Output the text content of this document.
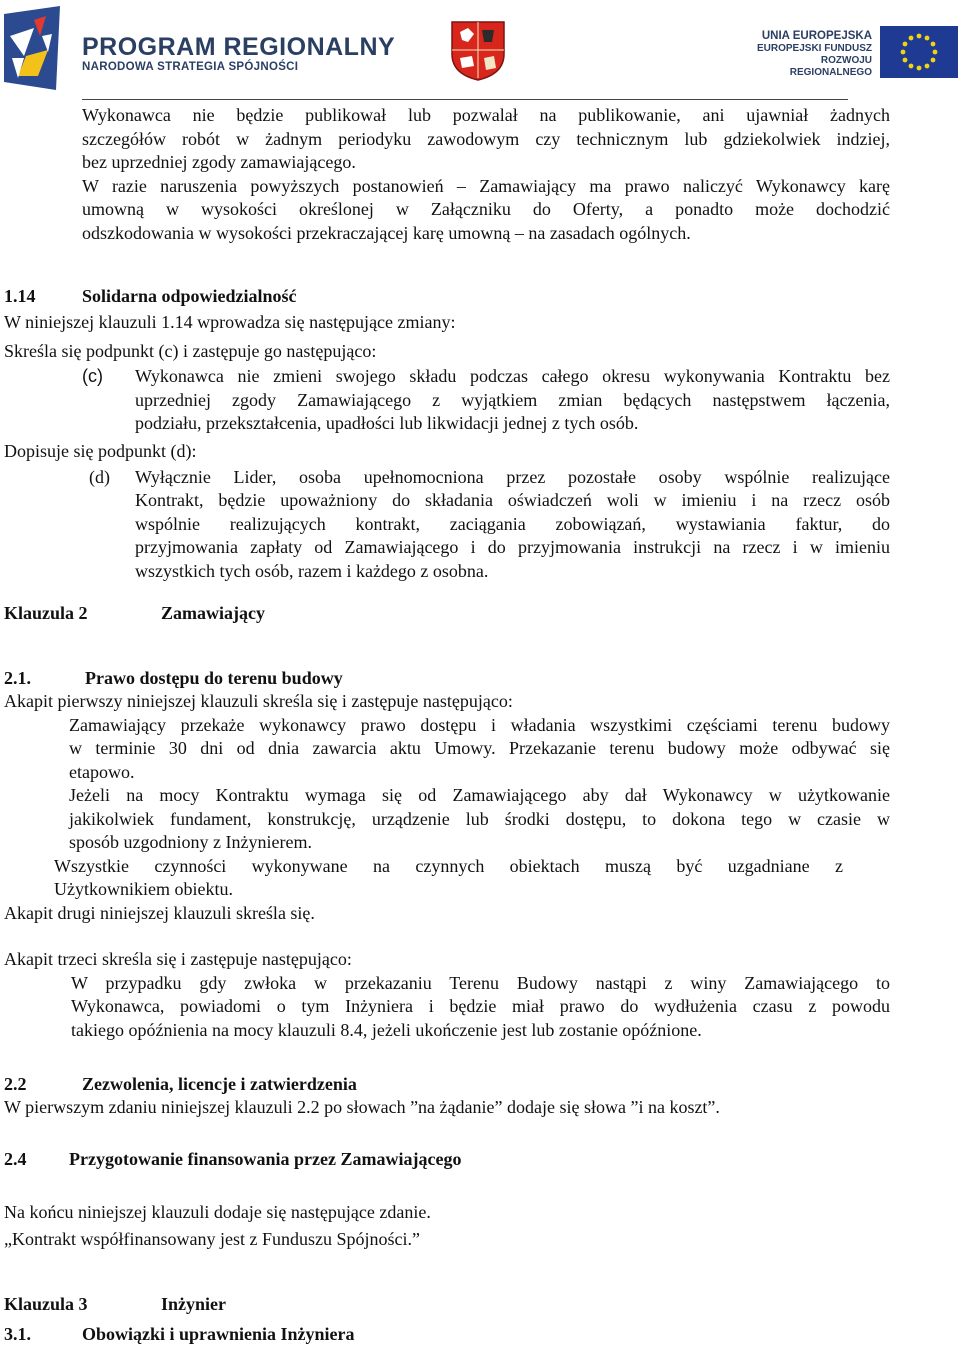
PROGRAM REGIONALNY
NARODOWA STRATEGIA SPÓJNOŚCI
UNIA EUROPEJSKA
EUROPEJSKI FUNDUSZ
ROZWOJU REGIONALNEGO
Wykonawca nie będzie publikował lub pozwalał na publikowanie, ani ujawniał żadnych
szczegółów robót w żadnym periodyku zawodowym czy technicznym lub gdziekolwiek indziej,
bez uprzedniej zgody zamawiającego.
W razie naruszenia powyższych postanowień – Zamawiający ma prawo naliczyć Wykonawcy karę
umowną w wysokości określonej w Załączniku do Oferty, a ponadto może dochodzić
odszkodowania w wysokości przekraczającej karę umowną – na zasadach ogólnych.
1.14	Solidarna odpowiedzialność
W niniejszej klauzuli 1.14 wprowadza się następujące zmiany:
Skreśla się podpunkt (c) i zastępuje go następująco:
(c) Wykonawca nie zmieni swojego składu podczas całego okresu wykonywania Kontraktu bez
uprzedniej zgody Zamawiającego z wyjątkiem zmian będących następstwem łączenia,
podziału, przekształcenia, upadłości lub likwidacji jednej z tych osób.
Dopisuje się podpunkt (d):
(d) Wyłącznie Lider, osoba upełnomocniona przez pozostałe osoby wspólnie realizujące
Kontrakt, będzie upoważniony do składania oświadczeń woli w imieniu i na rzecz osób
wspólnie realizujących kontrakt, zaciągania zobowiązań, wystawiania faktur, do
przyjmowania zapłaty od Zamawiającego i do przyjmowania instrukcji na rzecz i w imieniu
wszystkich tych osób, razem i każdego z osobna.
Klauzula 2	Zamawiający
2.1.	Prawo dostępu do terenu budowy
Akapit pierwszy niniejszej klauzuli skreśla się i zastępuje następująco:
Zamawiający przekaże wykonawcy prawo dostępu i władania wszystkimi częściami terenu budowy
w terminie 30 dni od dnia zawarcia aktu Umowy. Przekazanie terenu budowy może odbywać się
etapowo.
Jeżeli na mocy Kontraktu wymaga się od Zamawiającego aby dał Wykonawcy w użytkowanie
jakikolwiek fundament, konstrukcję, urządzenie lub środki dostępu, to dokona tego w czasie w
sposób uzgodniony z Inżynierem.
Wszystkie czynności wykonywane na czynnych obiektach muszą być uzgadniane z
Użytkownikiem obiektu.
Akapit drugi niniejszej klauzuli skreśla się.
Akapit trzeci skreśla się i zastępuje następująco:
W przypadku gdy zwłoka w przekazaniu Terenu Budowy nastąpi z winy Zamawiającego to
Wykonawca, powiadomi o tym Inżyniera i będzie miał prawo do wydłużenia czasu z powodu
takiego opóźnienia na mocy klauzuli 8.4, jeżeli ukończenie jest lub zostanie opóźnione.
2.2	Zezwolenia, licencje i zatwierdzenia
W pierwszym zdaniu niniejszej klauzuli 2.2 po słowach ”na żądanie” dodaje się słowa ”i na koszt”.
2.4 Przygotowanie finansowania przez Zamawiającego
Na końcu niniejszej klauzuli dodaje się następujące zdanie.
„Kontrakt współfinansowany jest z Funduszu Spójności.”
Klauzula 3	Inżynier
3.1.	Obowiązki i uprawnienia Inżyniera
